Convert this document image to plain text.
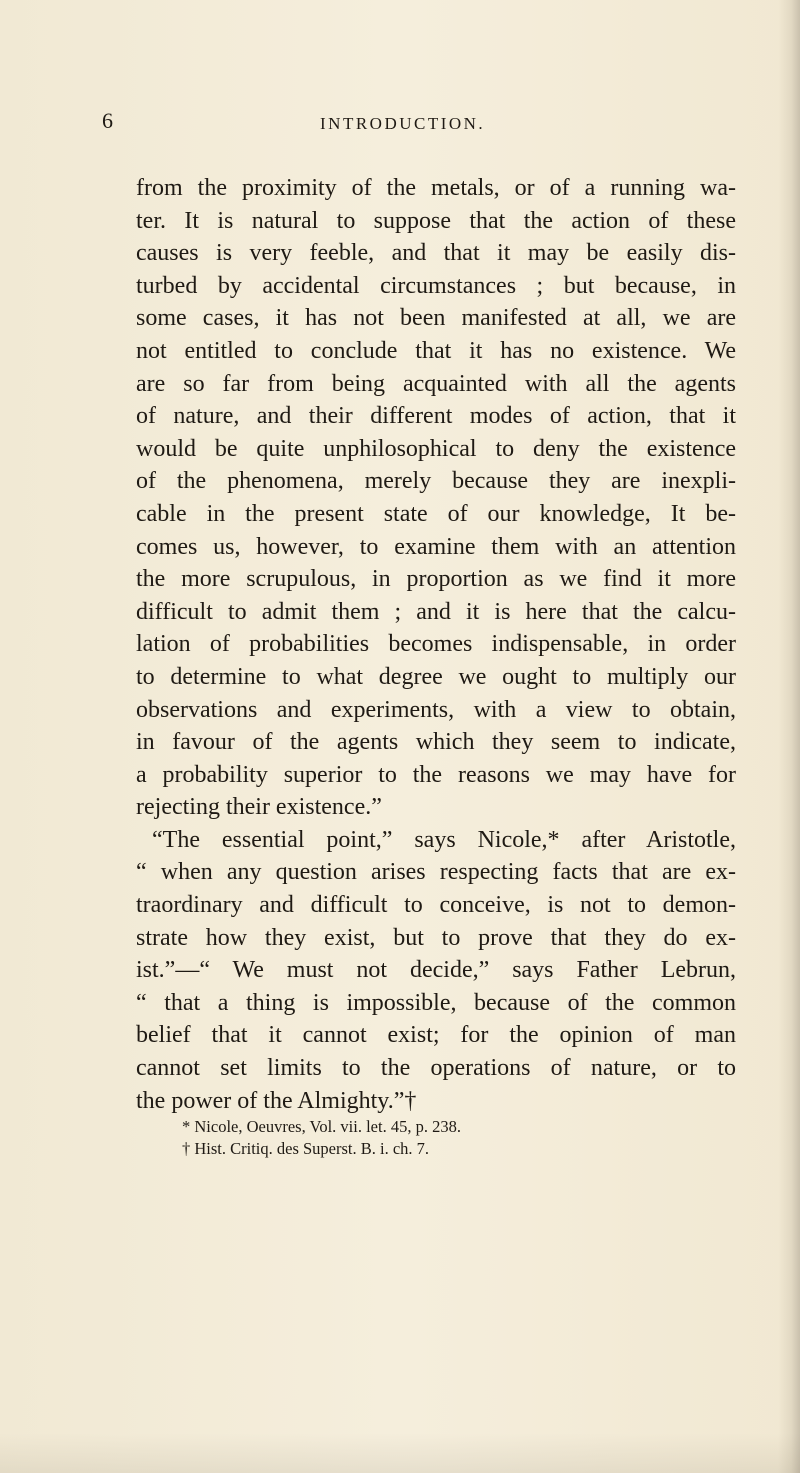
6	INTRODUCTION.
from the proximity of the metals, or of a running wa-
ter. It is natural to suppose that the action of these
causes is very feeble, and that it may be easily dis-
turbed by accidental circumstances ; but because, in
some cases, it has not been manifested at all, we are
not entitled to conclude that it has no existence. We
are so far from being acquainted with all the agents
of nature, and their different modes of action, that it
would be quite unphilosophical to deny the existence
of the phenomena, merely because they are inexpli-
cable in the present state of our knowledge, It be-
comes us, however, to examine them with an attention
the more scrupulous, in proportion as we find it more
difficult to admit them ; and it is here that the calcu-
lation of probabilities becomes indispensable, in order
to determine to what degree we ought to multiply our
observations and experiments, with a view to obtain,
in favour of the agents which they seem to indicate,
a probability superior to the reasons we may have for
rejecting their existence.”
“The essential point,” says Nicole,* after Aristotle,
“ when any question arises respecting facts that are ex-
traordinary and difficult to conceive, is not to demon-
strate how they exist, but to prove that they do ex-
ist.”—“ We must not decide,” says Father Lebrun,
“ that a thing is impossible, because of the common
belief that it cannot exist; for the opinion of man
cannot set limits to the operations of nature, or to
the power of the Almighty.”†
* Nicole, Oeuvres, Vol. vii. let. 45, p. 238.
† Hist. Critiq. des Superst. B. i. ch. 7.
